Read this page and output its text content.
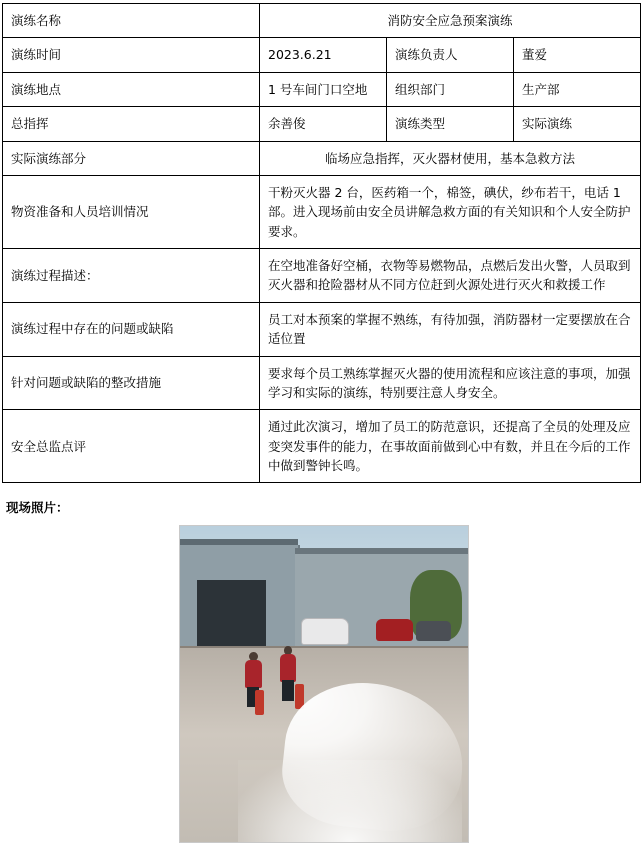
演练名称	消防安全应急预案演练		
演练时间	2023.6.21	演练负责人	董爱
演练地点	1 号车间门口空地	组织部门	生产部
总指挥	余善俊	演练类型	实际演练
实际演练部分	临场应急指挥，灭火器材使用，基本急救方法		
物资准备和人员培训情况	干粉灭火器 2 台，医药箱一个，棉签，碘伏，纱布若干，电话 1 部。进入现场前由安全员讲解急救方面的有关知识和个人安全防护要求。		
演练过程描述：	在空地准备好空桶，衣物等易燃物品，点燃后发出火警，人员取到灭火器和抢险器材从不同方位赶到火源处进行灭火和救援工作		
演练过程中存在的问题或缺陷	员工对本预案的掌握不熟练，有待加强，消防器材一定要摆放在合适位置		
针对问题或缺陷的整改措施	要求每个员工熟练掌握灭火器的使用流程和应该注意的事项，加强学习和实际的演练，特别要注意人身安全。		
安全总监点评	通过此次演习，增加了员工的防范意识，还提高了全员的处理及应变突发事件的能力，在事故面前做到心中有数，并且在今后的工作中做到警钟长鸣。		
现场照片：
